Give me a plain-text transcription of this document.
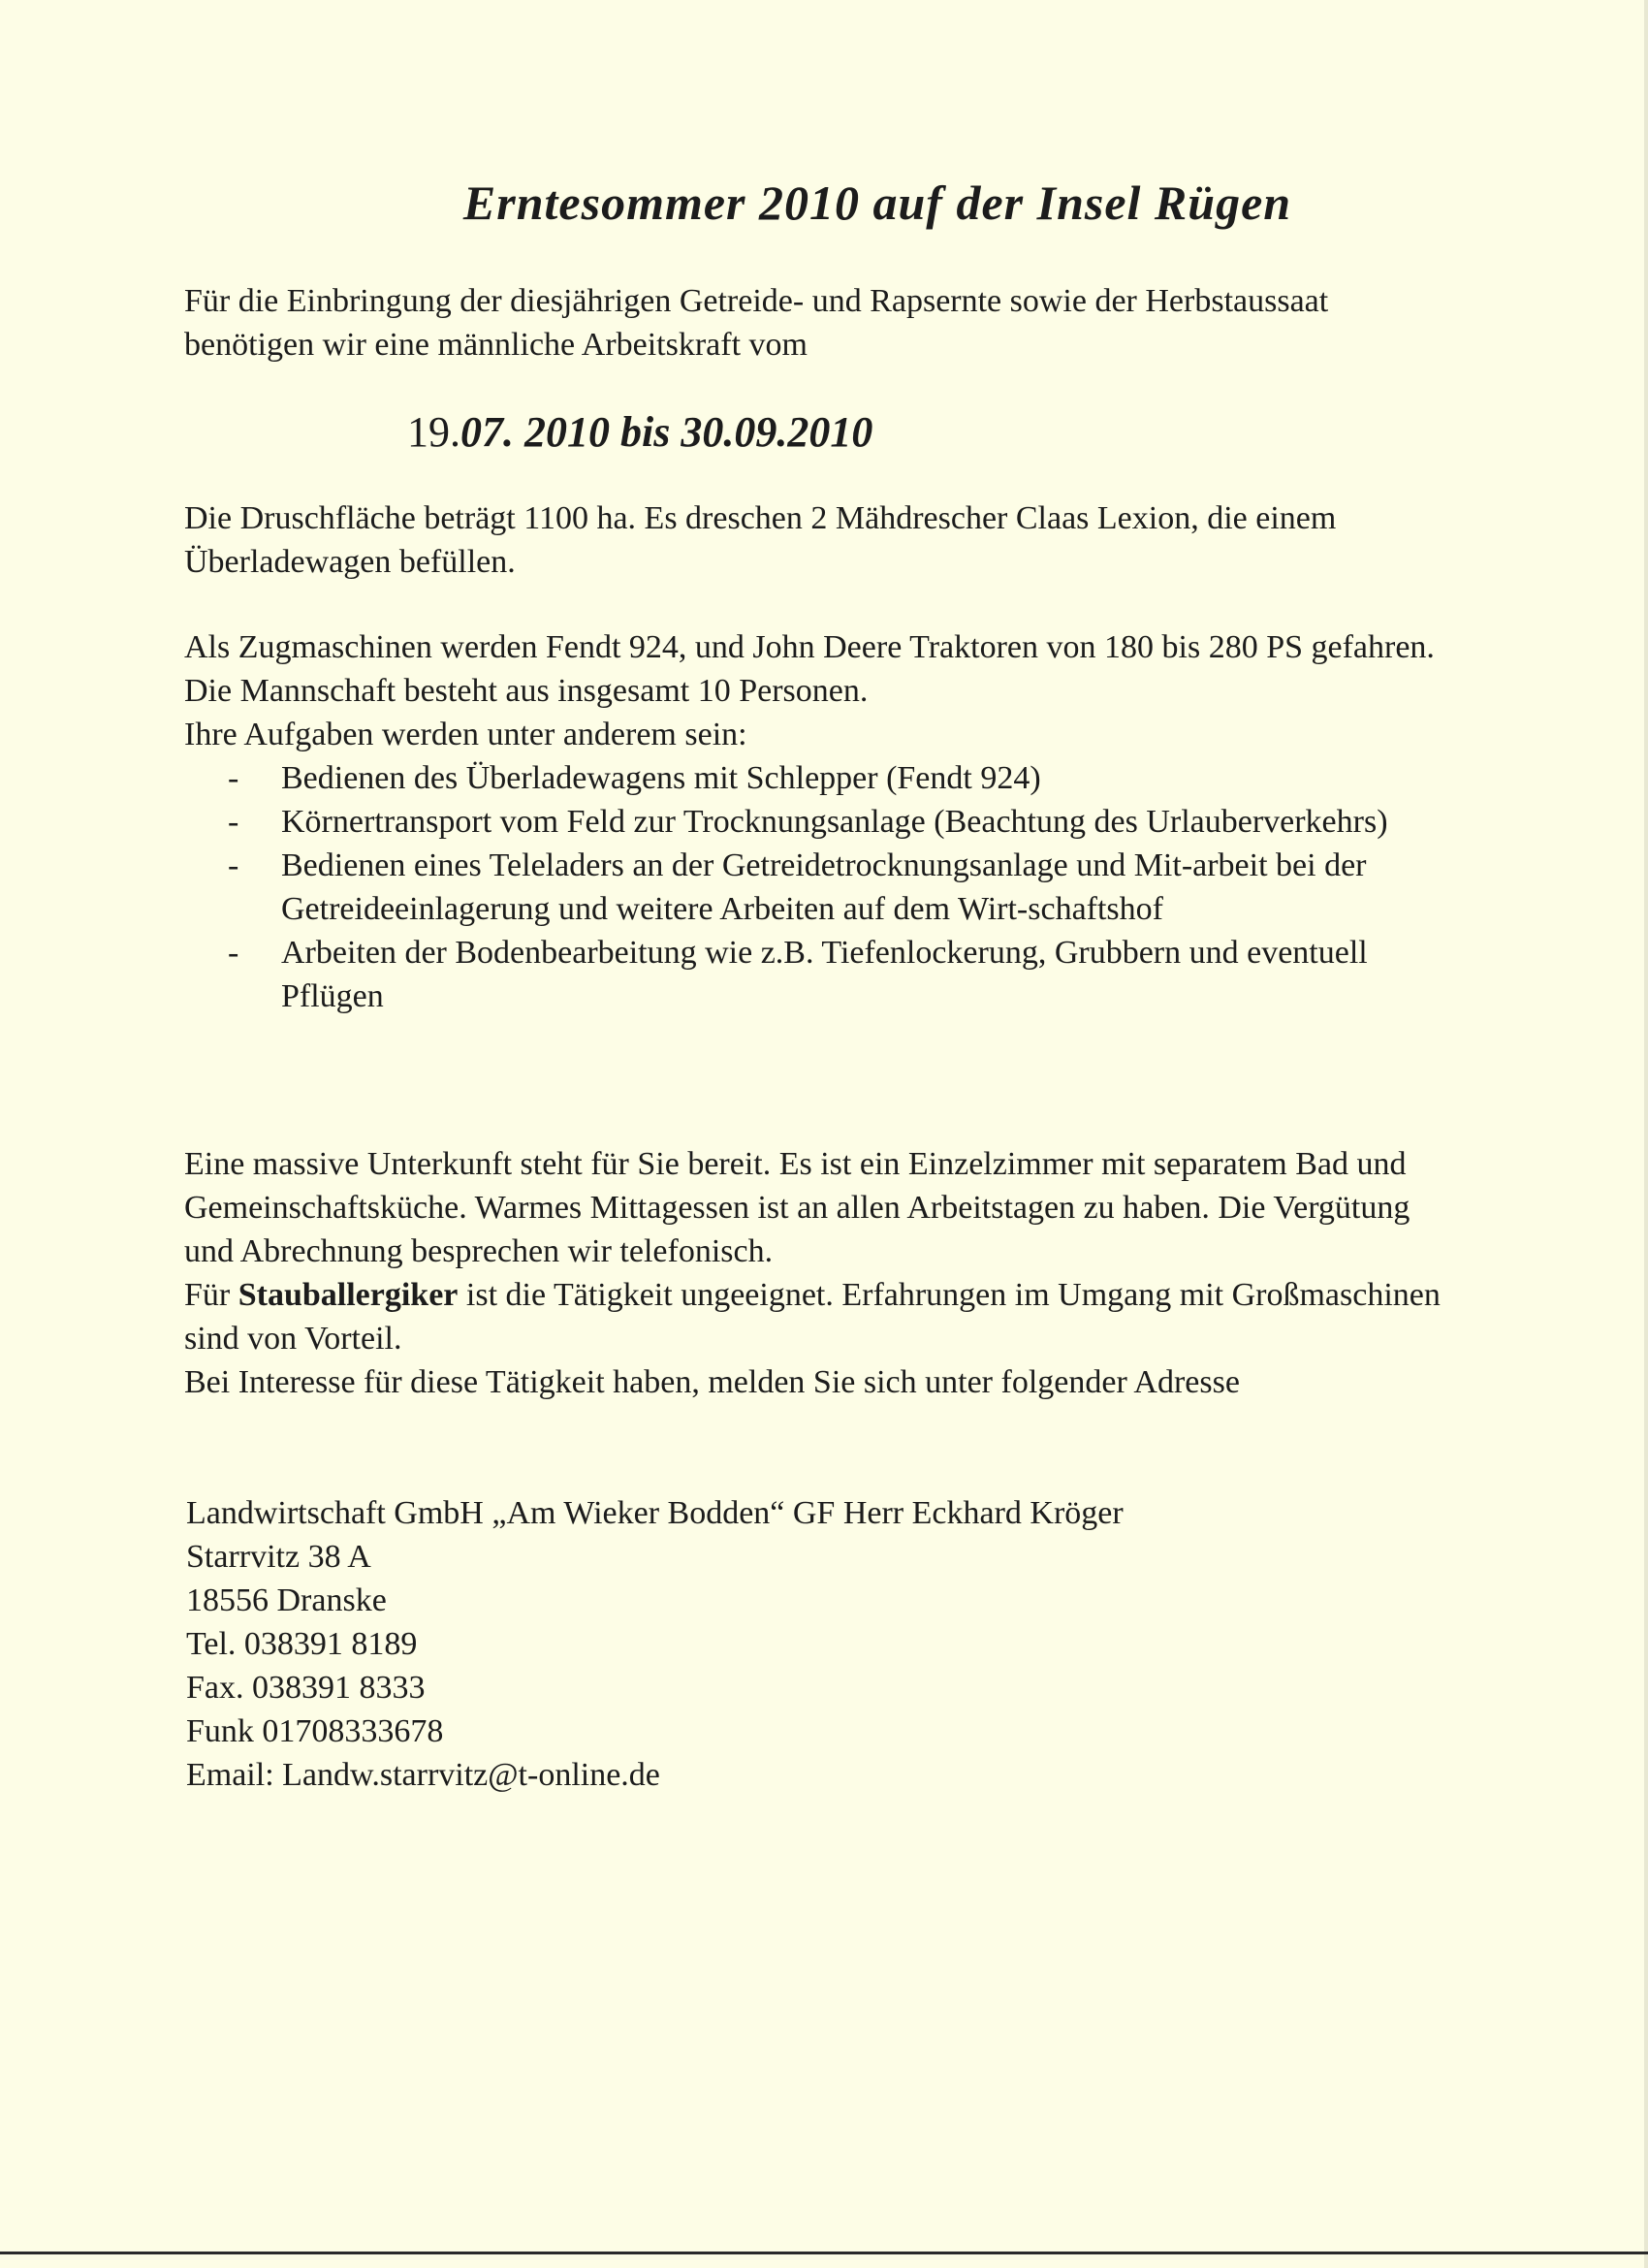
Erntesommer 2010 auf der Insel Rügen

Für die Einbringung der diesjährigen Getreide- und Rapsernte sowie der Herbstaussaat benötigen wir eine männliche Arbeitskraft vom

19.07. 2010 bis 30.09.2010

Die Druschfläche beträgt 1100 ha. Es dreschen 2 Mähdrescher Claas Lexion, die einem Überladewagen befüllen.

Als Zugmaschinen werden Fendt 924, und John Deere Traktoren von 180 bis 280 PS gefahren. Die Mannschaft besteht aus insgesamt 10 Personen.
Ihre Aufgaben werden unter anderem sein:
- Bedienen des Überladewagens mit Schlepper (Fendt 924)
- Körnertransport vom Feld zur Trocknungsanlage (Beachtung des Urlauberverkehrs)
- Bedienen eines Teleladers an der Getreidetrocknungsanlage und Mit-arbeit bei der Getreideeinlagerung und weitere Arbeiten auf dem Wirt-schaftshof
- Arbeiten der Bodenbearbeitung wie z.B. Tiefenlockerung, Grubbern und eventuell Pflügen
Eine massive Unterkunft steht für Sie bereit. Es ist ein Einzelzimmer mit separatem Bad und Gemeinschaftsküche. Warmes Mittagessen ist an allen Arbeitstagen zu haben. Die Vergütung und Abrechnung besprechen wir telefonisch.
Für Stauballergiker ist die Tätigkeit ungeeignet. Erfahrungen im Umgang mit Großmaschinen sind von Vorteil.
Bei Interesse für diese Tätigkeit haben, melden Sie sich unter folgender Adresse
Landwirtschaft GmbH „Am Wieker Bodden“ GF Herr Eckhard Kröger
Starrvitz 38 A
18556 Dranske
Tel. 038391 8189
Fax. 038391 8333
Funk 01708333678
Email: Landw.starrvitz@t-online.de
